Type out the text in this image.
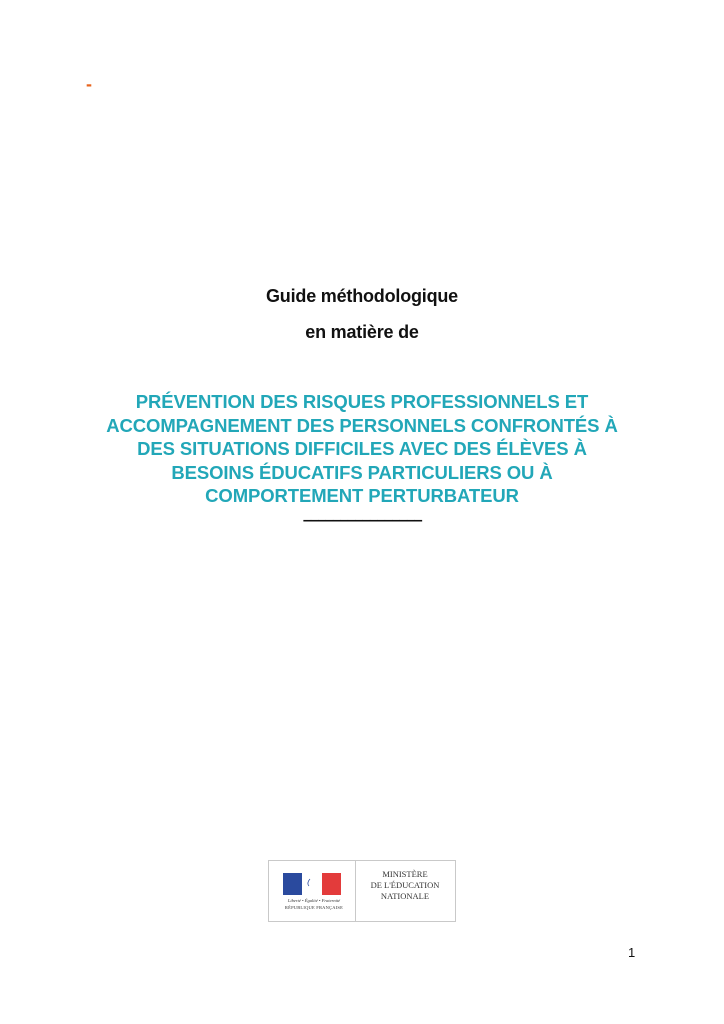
-
Guide méthodologique
en matière de
PRÉVENTION DES RISQUES PROFESSIONNELS ET
ACCOMPAGNEMENT DES PERSONNELS CONFRONTÉS À
DES SITUATIONS DIFFICILES AVEC DES ÉLÈVES À
BESOINS ÉDUCATIFS PARTICULIERS OU À
COMPORTEMENT PERTURBATEUR
––––––––––––––––
Liberté • Égalité • Fraternité
RÉPUBLIQUE FRANÇAISE
MINISTÈRE
DE L'ÉDUCATION
NATIONALE
1
